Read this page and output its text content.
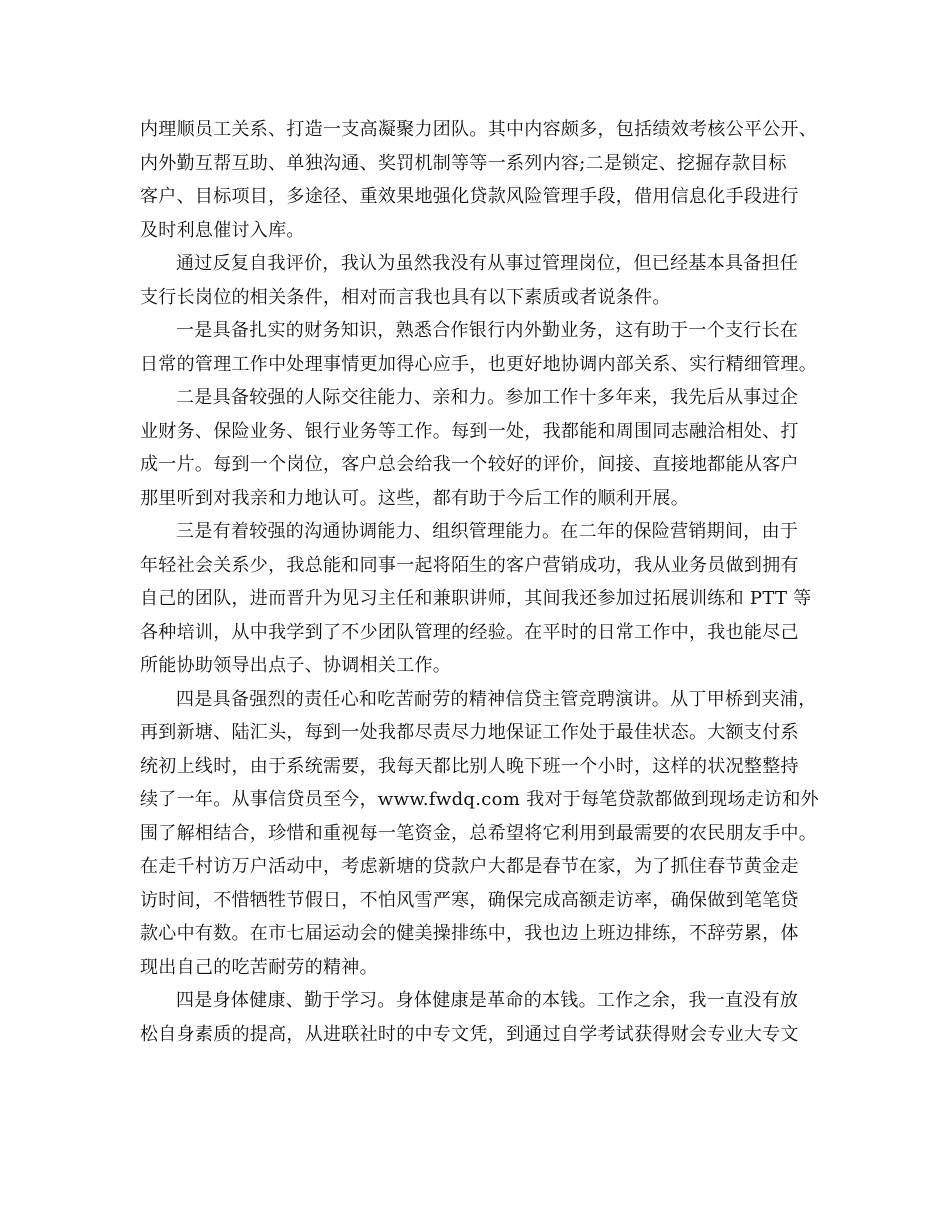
内理顺员工关系、打造一支高凝聚力团队。其中内容颇多，包括绩效考核公平公开、
内外勤互帮互助、单独沟通、奖罚机制等等一系列内容;二是锁定、挖掘存款目标
客户、目标项目，多途径、重效果地强化贷款风险管理手段，借用信息化手段进行
及时利息催讨入库。
通过反复自我评价，我认为虽然我没有从事过管理岗位，但已经基本具备担任
支行长岗位的相关条件，相对而言我也具有以下素质或者说条件。
一是具备扎实的财务知识，熟悉合作银行内外勤业务，这有助于一个支行长在
日常的管理工作中处理事情更加得心应手，也更好地协调内部关系、实行精细管理。
二是具备较强的人际交往能力、亲和力。参加工作十多年来，我先后从事过企
业财务、保险业务、银行业务等工作。每到一处，我都能和周围同志融洽相处、打
成一片。每到一个岗位，客户总会给我一个较好的评价，间接、直接地都能从客户
那里听到对我亲和力地认可。这些，都有助于今后工作的顺利开展。
三是有着较强的沟通协调能力、组织管理能力。在二年的保险营销期间，由于
年轻社会关系少，我总能和同事一起将陌生的客户营销成功，我从业务员做到拥有
自己的团队，进而晋升为见习主任和兼职讲师，其间我还参加过拓展训练和 PTT 等
各种培训，从中我学到了不少团队管理的经验。在平时的日常工作中，我也能尽己
所能协助领导出点子、协调相关工作。
四是具备强烈的责任心和吃苦耐劳的精神信贷主管竞聘演讲。从丁甲桥到夹浦，
再到新塘、陆汇头，每到一处我都尽责尽力地保证工作处于最佳状态。大额支付系
统初上线时，由于系统需要，我每天都比别人晚下班一个小时，这样的状况整整持
续了一年。从事信贷员至今，www.fwdq.com 我对于每笔贷款都做到现场走访和外
围了解相结合，珍惜和重视每一笔资金，总希望将它利用到最需要的农民朋友手中。
在走千村访万户活动中，考虑新塘的贷款户大都是春节在家，为了抓住春节黄金走
访时间，不惜牺牲节假日，不怕风雪严寒，确保完成高额走访率，确保做到笔笔贷
款心中有数。在市七届运动会的健美操排练中，我也边上班边排练，不辞劳累，体
现出自己的吃苦耐劳的精神。
四是身体健康、勤于学习。身体健康是革命的本钱。工作之余，我一直没有放
松自身素质的提高，从进联社时的中专文凭，到通过自学考试获得财会专业大专文
